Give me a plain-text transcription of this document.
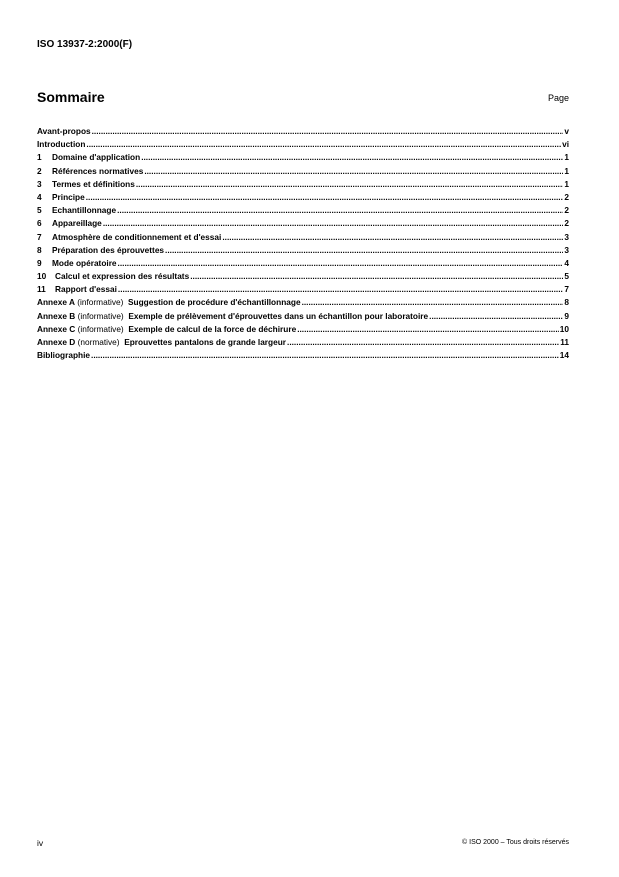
ISO 13937-2:2000(F)
Sommaire	Page
Avant-propos .....	v
Introduction .....	vi
1	Domaine d'application .....	1
2	Références normatives .....	1
3	Termes et définitions .....	1
4	Principe .....	2
5	Echantillonnage .....	2
6	Appareillage .....	2
7	Atmosphère de conditionnement et d'essai .....	3
8	Préparation des éprouvettes .....	3
9	Mode opératoire .....	4
10	Calcul et expression des résultats .....	5
11	Rapport d'essai .....	7
Annexe A (informative) Suggestion de procédure d'échantillonnage .....	8
Annexe B (informative) Exemple de prélèvement d'éprouvettes dans un échantillon pour laboratoire .....	9
Annexe C (informative) Exemple de calcul de la force de déchirure .....	10
Annexe D (normative) Eprouvettes pantalons de grande largeur .....	11
Bibliographie .....	14
iv	© ISO 2000 – Tous droits réservés
